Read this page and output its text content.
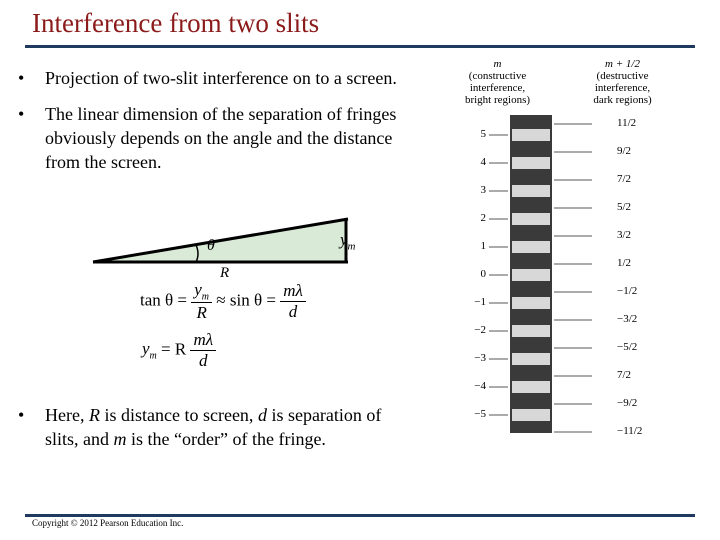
Interference from two slits
• Projection of two-slit interference on to a screen.
• The linear dimension of the separation of fringes
obviously depends on the angle and the distance
from the screen.
θ	$y_m$
R
$\tan \theta = \frac{y_m}{R} \approx \sin \theta = \frac{m\lambda}{d}$
$y_m = R \frac{m\lambda}{d}$
• Here, R is distance to screen, d is separation of
slits, and m is the “order” of the fringe.
m
(constructive
interference,
bright regions)
m + 1/2
(destructive
interference,
dark regions)
5
4
3
2
1
0
−1
−2
−3
−4
−5
11/2
9/2
7/2
5/2
3/2
1/2
−1/2
−3/2
−5/2
7/2
−9/2
−11/2
Copyright © 2012 Pearson Education Inc.
